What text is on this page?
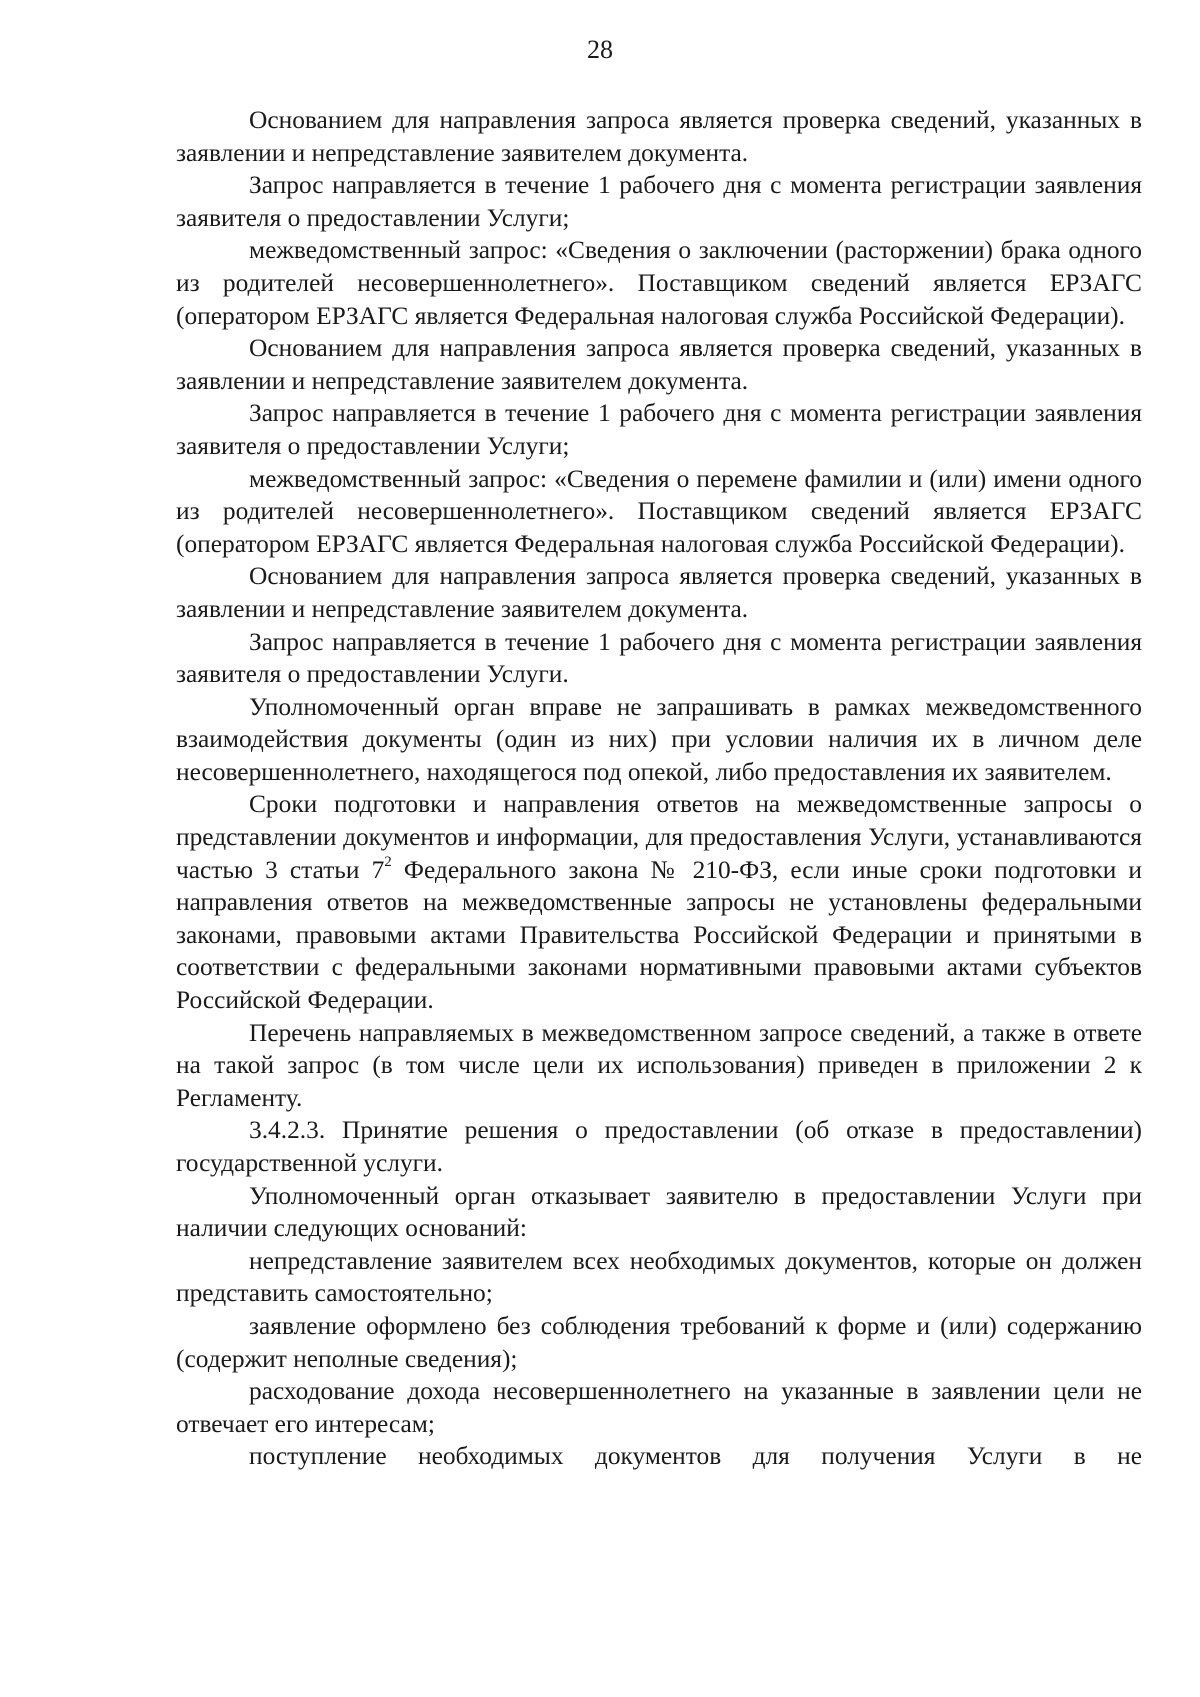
28

Основанием для направления запроса является проверка сведений, указанных в заявлении и непредставление заявителем документа.

Запрос направляется в течение 1 рабочего дня с момента регистрации заявления заявителя о предоставлении Услуги;

межведомственный запрос: «Сведения о заключении (расторжении) брака одного из родителей несовершеннолетнего». Поставщиком сведений является ЕРЗАГС (оператором ЕРЗАГС является Федеральная налоговая служба Российской Федерации).

Основанием для направления запроса является проверка сведений, указанных в заявлении и непредставление заявителем документа.

Запрос направляется в течение 1 рабочего дня с момента регистрации заявления заявителя о предоставлении Услуги;

межведомственный запрос: «Сведения о перемене фамилии и (или) имени одного из родителей несовершеннолетнего». Поставщиком сведений является ЕРЗАГС (оператором ЕРЗАГС является Федеральная налоговая служба Российской Федерации).

Основанием для направления запроса является проверка сведений, указанных в заявлении и непредставление заявителем документа.

Запрос направляется в течение 1 рабочего дня с момента регистрации заявления заявителя о предоставлении Услуги.

Уполномоченный орган вправе не запрашивать в рамках межведомственного взаимодействия документы (один из них) при условии наличия их в личном деле несовершеннолетнего, находящегося под опекой, либо предоставления их заявителем.

Сроки подготовки и направления ответов на межведомственные запросы о представлении документов и информации, для предоставления Услуги, устанавливаются частью 3 статьи $7^2$ Федерального закона № 210-ФЗ, если иные сроки подготовки и направления ответов на межведомственные запросы не установлены федеральными законами, правовыми актами Правительства Российской Федерации и принятыми в соответствии с федеральными законами нормативными правовыми актами субъектов Российской Федерации.

Перечень направляемых в межведомственном запросе сведений, а также в ответе на такой запрос (в том числе цели их использования) приведен в приложении 2 к Регламенту.

3.4.2.3. Принятие решения о предоставлении (об отказе в предоставлении) государственной услуги.

Уполномоченный орган отказывает заявителю в предоставлении Услуги при наличии следующих оснований:

непредставление заявителем всех необходимых документов, которые он должен представить самостоятельно;

заявление оформлено без соблюдения требований к форме и (или) содержанию (содержит неполные сведения);

расходование дохода несовершеннолетнего на указанные в заявлении цели не отвечает его интересам;

поступление необходимых документов для получения Услуги в не
